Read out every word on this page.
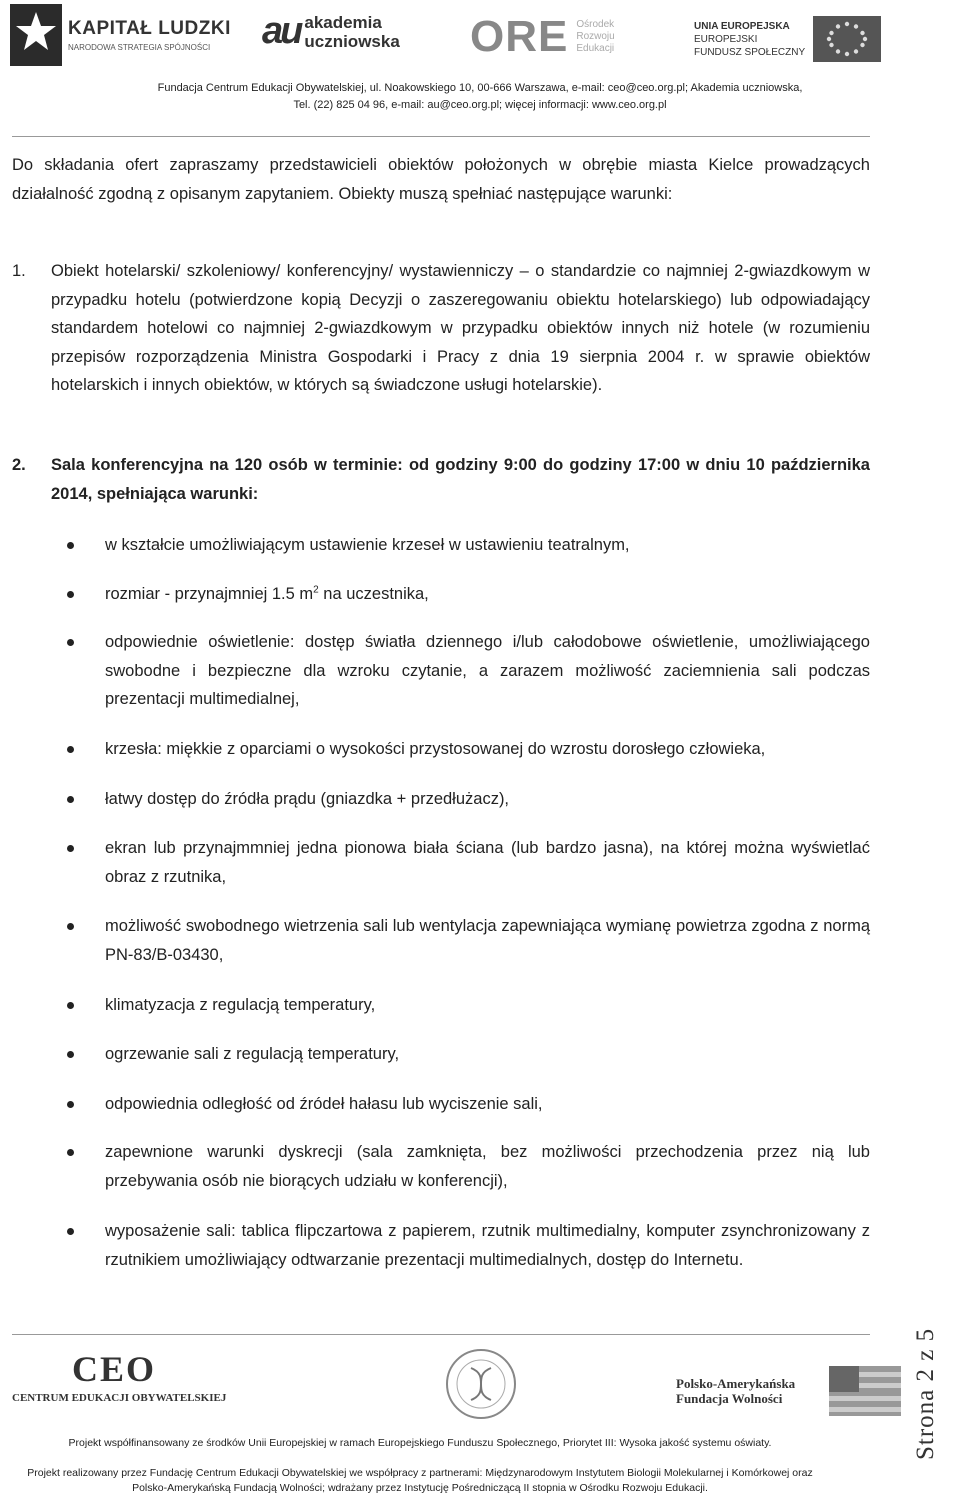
KAPITAŁ LUDZKI
NARODOWA STRATEGIA SPÓJNOŚCI	au akademia
uczniowska ORE Ośrodek
Rozwoju
Edukacji
UNIA EUROPEJSKA
EUROPEJSKI
FUNDUSZ SPOŁECZNY
Fundacja Centrum Edukacji Obywatelskiej, ul. Noakowskiego 10, 00-666 Warszawa, e-mail: ceo@ceo.org.pl; Akademia uczniowska,
Tel. (22) 825 04 96, e-mail: au@ceo.org.pl; więcej informacji: www.ceo.org.pl
Do składania ofert zapraszamy przedstawicieli obiektów położonych w obrębie miasta Kielce prowadzących działalność zgodną z opisanym zapytaniem. Obiekty muszą spełniać następujące warunki:
1. Obiekt hotelarski/ szkoleniowy/ konferencyjny/ wystawienniczy – o standardzie co najmniej 2-gwiazdkowym w przypadku hotelu (potwierdzone kopią Decyzji o zaszeregowaniu obiektu hotelarskiego) lub odpowiadający standardem hotelowi co najmniej 2-gwiazdkowym w przypadku obiektów innych niż hotele (w rozumieniu przepisów rozporządzenia Ministra Gospodarki i Pracy z dnia 19 sierpnia 2004 r. w sprawie obiektów hotelarskich i innych obiektów, w których są świadczone usługi hotelarskie).
2. Sala konferencyjna na 120 osób w terminie: od godziny 9:00 do godziny 17:00 w dniu 10 października 2014, spełniająca warunki:
w kształcie umożliwiającym ustawienie krzeseł w ustawieniu teatralnym,
rozmiar - przynajmniej 1.5 $m^2$ na uczestnika,
odpowiednie oświetlenie: dostęp światła dziennego i/lub całodobowe oświetlenie, umożliwiającego swobodne i bezpieczne dla wzroku czytanie, a zarazem możliwość zaciemnienia sali podczas prezentacji multimedialnej,
krzesła: miękkie z oparciami o wysokości przystosowanej do wzrostu dorosłego człowieka,
łatwy dostęp do źródła prądu (gniazdka + przedłużacz),
ekran lub przynajmmniej jedna pionowa biała ściana (lub bardzo jasna), na której można wyświetlać obraz z rzutnika,
możliwość swobodnego wietrzenia sali lub wentylacja zapewniająca wymianę powietrza zgodna z normą PN-83/B-03430,
klimatyzacja z regulacją temperatury,
ogrzewanie sali z regulacją temperatury,
odpowiednia odległość od źródeł hałasu lub wyciszenie sali,
zapewnione warunki dyskrecji (sala zamknięta, bez możliwości przechodzenia przez nią lub przebywania osób nie biorących udziału w konferencji),
wyposażenie sali: tablica flipczartowa z papierem, rzutnik multimedialny, komputer zsynchronizowany z rzutnikiem umożliwiający odtwarzanie prezentacji multimedialnych, dostęp do Internetu.
CEO
CENTRUM EDUKACJI OBYWATELSKIEJ
Polsko-Amerykańska
Fundacja Wolności
Projekt współfinansowany ze środków Unii Europejskiej w ramach Europejskiego Funduszu Społecznego, Priorytet III: Wysoka jakość systemu oświaty.
Projekt realizowany przez Fundację Centrum Edukacji Obywatelskiej we współpracy z partnerami: Międzynarodowym Instytutem Biologii Molekularnej i Komórkowej oraz
Polsko-Amerykańską Fundacją Wolności; wdrażany przez Instytucję Pośredniczącą II stopnia w Ośrodku Rozwoju Edukacji.
Strona 2 z 5
